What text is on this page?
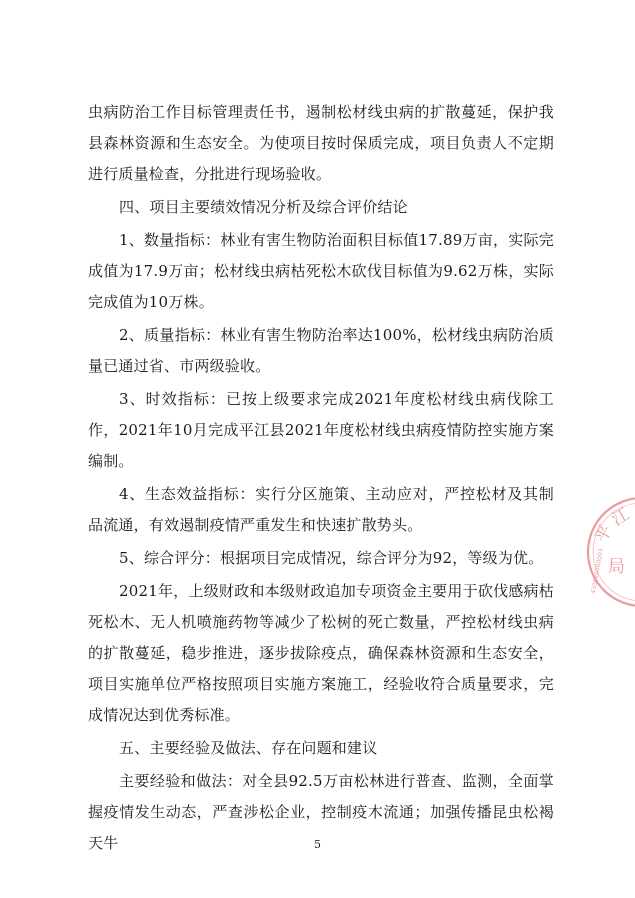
虫病防治工作目标管理责任书，遏制松材线虫病的扩散蔓延，保护我县森林资源和生态安全。为使项目按时保质完成，项目负责人不定期进行质量检查，分批进行现场验收。

四、项目主要绩效情况分析及综合评价结论

1、数量指标：林业有害生物防治面积目标值17.89万亩，实际完成值为17.9万亩；松材线虫病枯死松木砍伐目标值为9.62万株，实际完成值为10万株。

2、质量指标：林业有害生物防治率达100%，松材线虫病防治质量已通过省、市两级验收。

3、时效指标：已按上级要求完成2021年度松材线虫病伐除工作，2021年10月完成平江县2021年度松材线虫病疫情防控实施方案编制。

4、生态效益指标：实行分区施策、主动应对，严控松材及其制品流通，有效遏制疫情严重发生和快速扩散势头。

5、综合评分：根据项目完成情况，综合评分为92，等级为优。

2021年，上级财政和本级财政追加专项资金主要用于砍伐感病枯死松木、无人机喷施药物等减少了松树的死亡数量，严控松材线虫病的扩散蔓延，稳步推进，逐步拔除疫点，确保森林资源和生态安全，项目实施单位严格按照项目实施方案施工，经验收符合质量要求，完成情况达到优秀标准。

五、主要经验及做法、存在问题和建议

主要经验和做法：对全县92.5万亩松林进行普查、监测，全面掌握疫情发生动态，严查涉松企业，控制疫木流通；加强传播昆虫松褐天牛	5
平
江
局
430626000003
